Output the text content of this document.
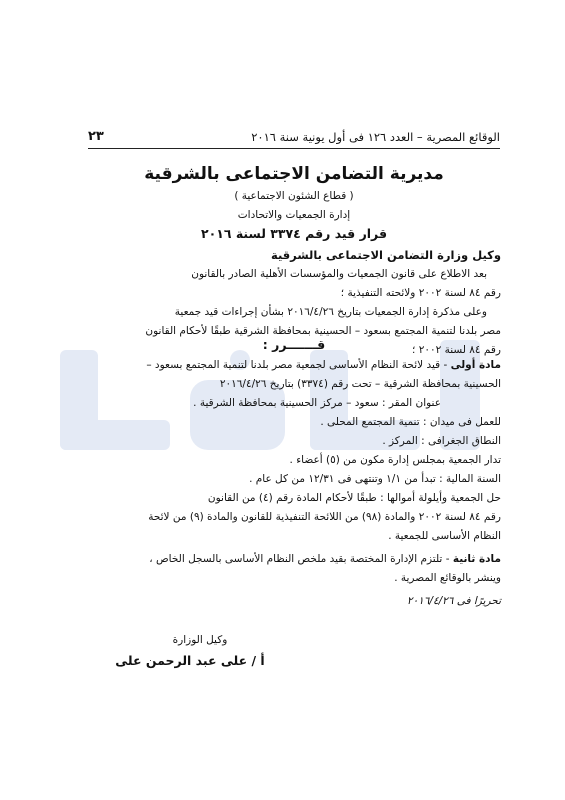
٢٣	الوقائع المصرية – العدد ١٢٦ فى أول يونية سنة ٢٠١٦
مديرية التضامن الاجتماعى بالشرقية
( قطاع الشئون الاجتماعية )
إدارة الجمعيات والاتحادات
قرار قيد رقم ٣٣٧٤ لسنة ٢٠١٦
وكيل وزارة التضامن الاجتماعى بالشرقية
بعد الاطلاع على قانون الجمعيات والمؤسسات الأهلية الصادر بالقانون
رقم ٨٤ لسنة ٢٠٠٢ ولائحته التنفيذية ؛
وعلى مذكرة إدارة الجمعيات بتاريخ ٢٠١٦/٤/٢٦ بشأن إجراءات قيد جمعية
مصر بلدنا لتنمية المجتمع بسعود – الحسينية بمحافظة الشرقية طبقًا لأحكام القانون
رقم ٨٤ لسنة ٢٠٠٢ ؛
قـــــــرر :
مادة أولى - قيد لائحة النظام الأساسى لجمعية مصر بلدنا لتنمية المجتمع بسعود –
الحسينية بمحافظة الشرقية – تحت رقم (٣٣٧٤) بتاريخ ٢٠١٦/٤/٢٦
عنوان المقر : سعود – مركز الحسينية بمحافظة الشرقية .
للعمل فى ميدان : تنمية المجتمع المحلى .
النطاق الجغرافى : المركز .
تدار الجمعية بمجلس إدارة مكون من (٥) أعضاء .
السنة المالية : تبدأ من ١/١ وتنتهى فى ١٢/٣١ من كل عام .
حل الجمعية وأيلولة أموالها : طبقًا لأحكام المادة رقم (٤) من القانون
رقم ٨٤ لسنة ٢٠٠٢ والمادة (٩٨) من اللائحة التنفيذية للقانون والمادة (٩) من لائحة
النظام الأساسى للجمعية .
مادة ثانية - تلتزم الإدارة المختصة بقيد ملخص النظام الأساسى بالسجل الخاص ،
وينشر بالوقائع المصرية .
تحريرًا فى ٢٠١٦/٤/٢٦
وكيل الوزارة
أ / على عبد الرحمن على
